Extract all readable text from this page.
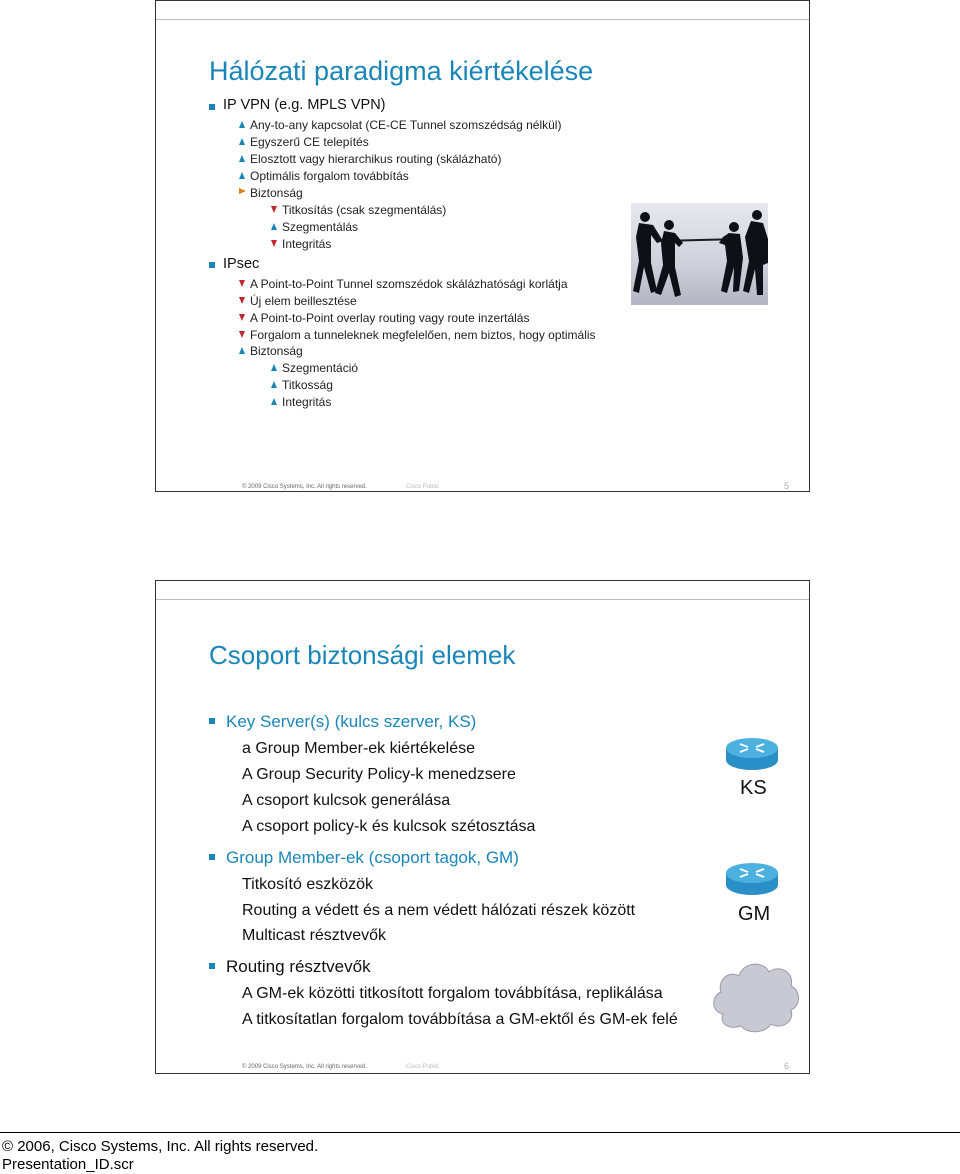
Hálózati paradigma kiértékelése
IP VPN (e.g. MPLS VPN)
Any-to-any kapcsolat (CE-CE Tunnel szomszédság nélkül)
Egyszerű CE telepítés
Elosztott vagy hierarchikus routing (skálázható)
Optimális forgalom továbbítás
Biztonság
Titkosítás (csak szegmentálás)
Szegmentálás
Integritás
IPsec
A Point-to-Point Tunnel szomszédok skálázhatósági korlátja
Új elem beillesztése
A Point-to-Point overlay routing vagy route inzertálás
Forgalom a tunneleknek megfelelően, nem biztos, hogy optimális
Biztonság
Szegmentáció
Titkosság
Integritás
© 2009 Cisco Systems, Inc. All rights reserved.	Cisco Public	5
Csoport biztonsági elemek
Key Server(s) (kulcs szerver, KS)
a Group Member-ek kiértékelése
A Group Security Policy-k menedzsere
A csoport kulcsok generálása
A csoport policy-k és kulcsok szétosztása
Group Member-ek (csoport tagok, GM)
Titkosító eszközök
Routing a védett és a nem védett hálózati részek között
Multicast résztvevők
Routing résztvevők
A GM-ek közötti titkosított forgalom továbbítása, replikálása
A titkosítatlan forgalom továbbítása a GM-ektől és GM-ek felé
KS
GM
© 2009 Cisco Systems, Inc. All rights reserved.	Cisco Public	6
© 2006, Cisco Systems, Inc. All rights reserved.
Presentation_ID.scr
